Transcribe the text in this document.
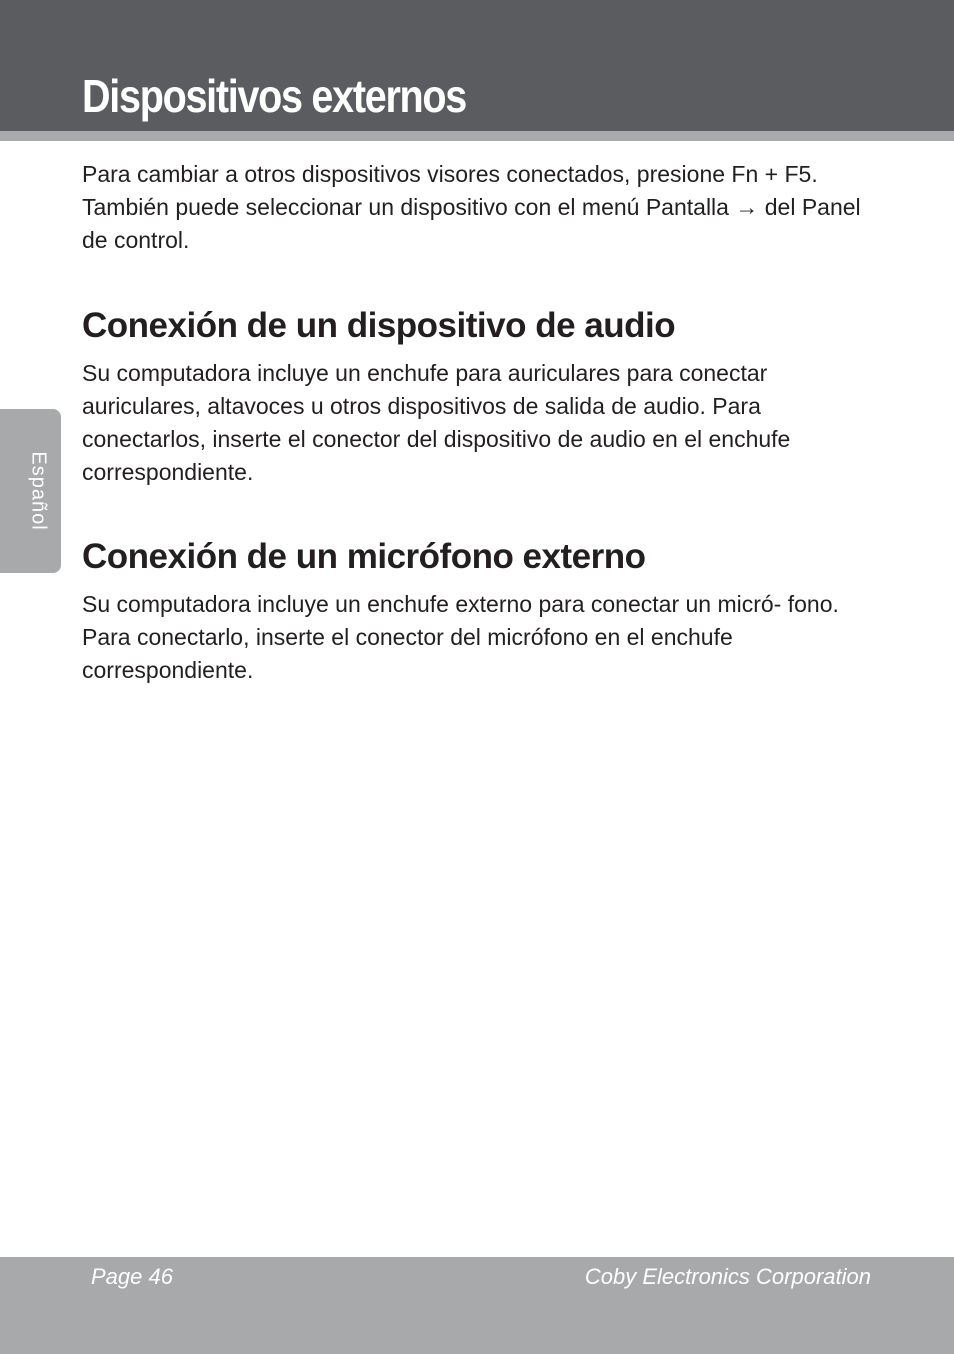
Dispositivos externos
Español

Para cambiar a otros dispositivos visores conectados, presione Fn + F5. También puede seleccionar un dispositivo con el menú Pantalla → del Panel de control.

Conexión de un dispositivo de audio

Su computadora incluye un enchufe para auriculares para conectar auriculares, altavoces u otros dispositivos de salida de audio. Para conectarlos, inserte el conector del dispositivo de audio en el enchufe correspondiente.

Conexión de un micrófono externo

Su computadora incluye un enchufe externo para conectar un micró- fono. Para conectarlo, inserte el conector del micrófono en el enchufe correspondiente.

Page 46	Coby Electronics Corporation
